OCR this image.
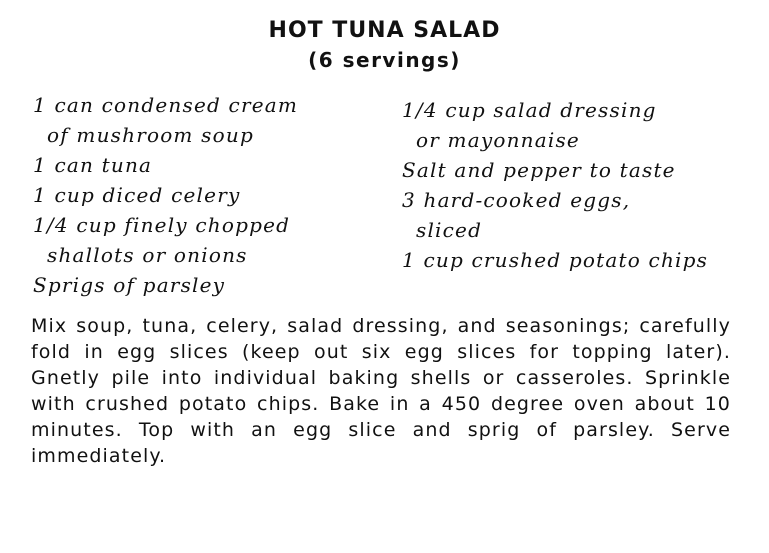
HOT TUNA SALAD
(6 servings)
1 can condensed cream
of mushroom soup
1 can tuna
1 cup diced celery
1/4 cup finely chopped
shallots or onions
Sprigs of parsley
1/4 cup salad dressing
or mayonnaise
Salt and pepper to taste
3 hard-cooked eggs,
sliced
1 cup crushed potato chips

Mix soup, tuna, celery, salad dressing, and seasonings; carefully fold in egg slices (keep out six egg slices for topping later). Gnetly pile into individual baking shells or casseroles. Sprinkle with crushed potato chips. Bake in a 450 degree oven about 10 minutes. Top with an egg slice and sprig of parsley. Serve immediately.
